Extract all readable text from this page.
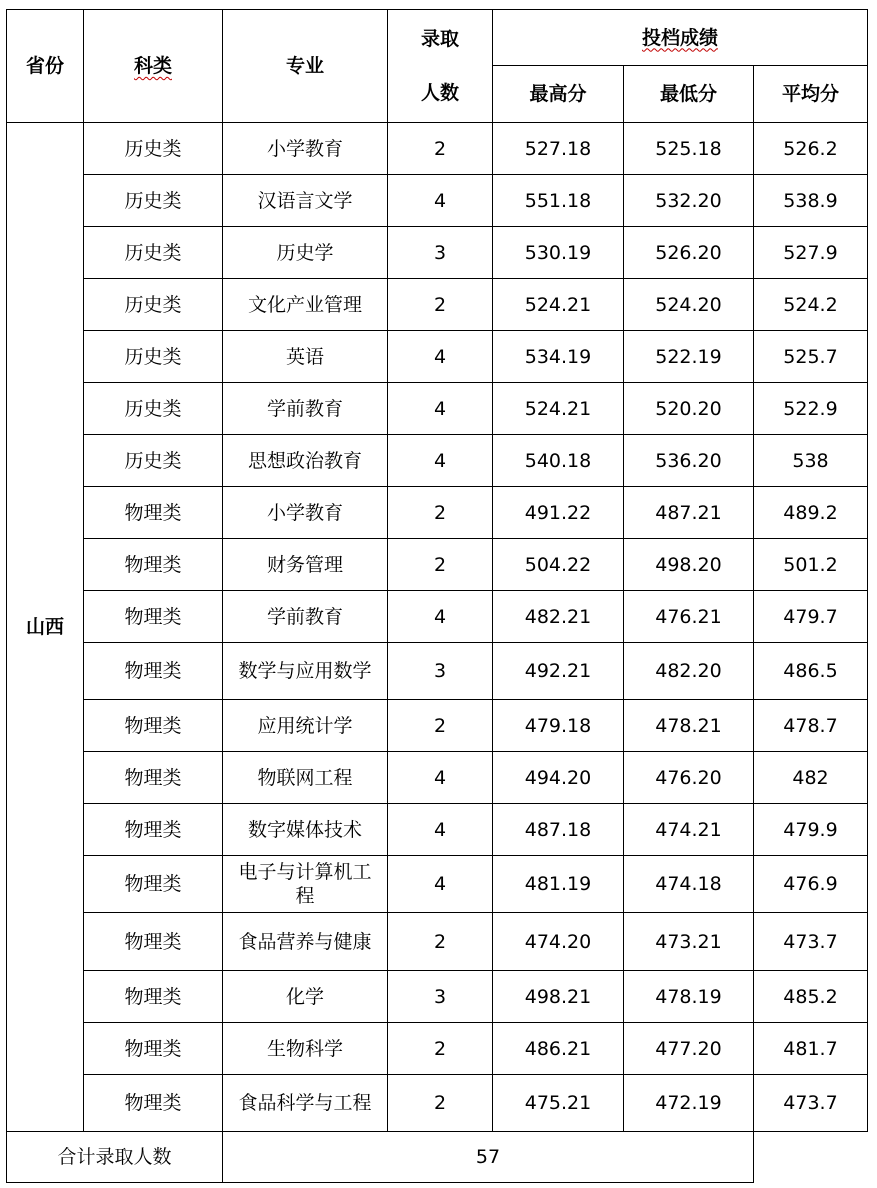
省份	科类	专业	录取
人数	投档成绩		
				最高分	最低分	平均分
山西	历史类	小学教育	2	527.18	525.18	526.2
	历史类	汉语言文学	4	551.18	532.20	538.9
	历史类	历史学	3	530.19	526.20	527.9
	历史类	文化产业管理	2	524.21	524.20	524.2
	历史类	英语	4	534.19	522.19	525.7
	历史类	学前教育	4	524.21	520.20	522.9
	历史类	思想政治教育	4	540.18	536.20	538
	物理类	小学教育	2	491.22	487.21	489.2
	物理类	财务管理	2	504.22	498.20	501.2
	物理类	学前教育	4	482.21	476.21	479.7
	物理类	数学与应用数学	3	492.21	482.20	486.5
	物理类	应用统计学	2	479.18	478.21	478.7
	物理类	物联网工程	4	494.20	476.20	482
	物理类	数字媒体技术	4	487.18	474.21	479.9
	物理类	电子与计算机工程	4	481.19	474.18	476.9
	物理类	食品营养与健康	2	474.20	473.21	473.7
	物理类	化学	3	498.21	478.19	485.2
	物理类	生物科学	2	486.21	477.20	481.7
	物理类	食品科学与工程	2	475.21	472.19	473.7
合计录取人数		57				
